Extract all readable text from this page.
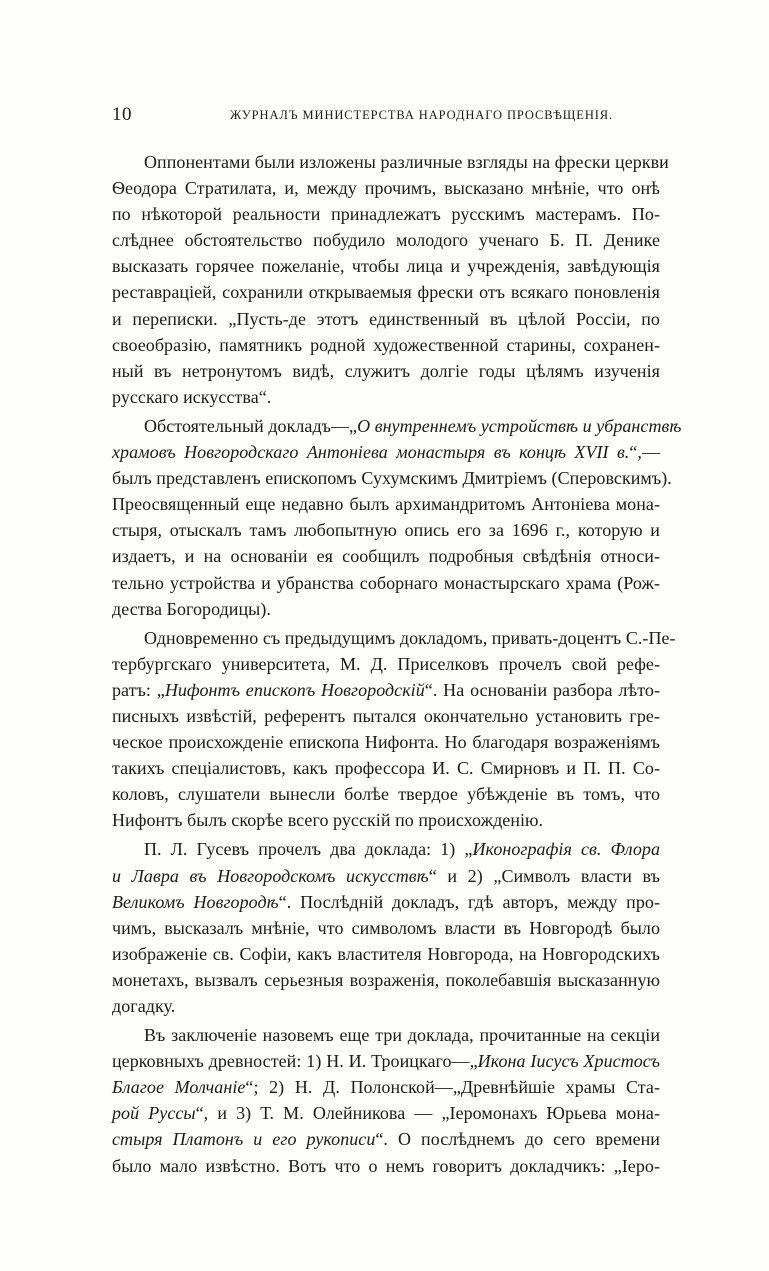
10	ЖУРНАЛЪ МИНИСТЕРСТВА НАРОДНАГО ПРОСВѢЩЕНІЯ.
Оппонентами были изложены различные взгляды на фрески церкви
Ѳеодора Стратилата, и, между прочимъ, высказано мнѣніе, что онѣ
по нѣкоторой реальности принадлежатъ русскимъ мастерамъ. По-
слѣднее обстоятельство побудило молодого ученаго Б. П. Денике
высказать горячее пожеланіе, чтобы лица и учрежденія, завѣдующія
реставраціей, сохранили открываемыя фрески отъ всякаго поновленія
и переписки. „Пусть-де этотъ единственный въ цѣлой Россіи, по
своеобразію, памятникъ родной художественной старины, сохранен-
ный въ нетронутомъ видѣ, служитъ долгіе годы цѣлямъ изученія
русскаго искусства“.
Обстоятельный докладъ—„О внутреннемъ устройствѣ и убранствѣ
храмовъ Новгородскаго Антоніева монастыря въ концѣ XVII в.“,—
былъ представленъ епископомъ Сухумскимъ Дмитріемъ (Сперовскимъ).
Преосвященный еще недавно былъ архимандритомъ Антоніева мона-
стыря, отыскалъ тамъ любопытную опись его за 1696 г., которую и
издаетъ, и на основаніи ея сообщилъ подробныя свѣдѣнія относи-
тельно устройства и убранства соборнаго монастырскаго храма (Рож-
дества Богородицы).
Одновременно съ предыдущимъ докладомъ, привать-доцентъ С.-Пе-
тербургскаго университета, М. Д. Приселковъ прочелъ свой рефе-
ратъ: „Нифонтъ епископъ Новгородскій“. На основаніи разбора лѣто-
писныхъ извѣстій, референтъ пытался окончательно установить гре-
ческое происхожденіе епископа Нифонта. Но благодаря возраженіямъ
такихъ спеціалистовъ, какъ профессора И. С. Смирновъ и П. П. Со-
коловъ, слушатели вынесли болѣе твердое убѣжденіе въ томъ, что
Нифонтъ былъ скорѣе всего русскій по происхожденію.
П. Л. Гусевъ прочелъ два доклада: 1) „Иконографія св. Флора
и Лавра въ Новгородскомъ искусствѣ“ и 2) „Символъ власти въ
Великомъ Новгородѣ“. Послѣдній докладъ, гдѣ авторъ, между про-
чимъ, высказалъ мнѣніе, что символомъ власти въ Новгородѣ было
изображеніе св. Софіи, какъ властителя Новгорода, на Новгородскихъ
монетахъ, вызвалъ серьезныя возраженія, поколебавшія высказанную
догадку.
Въ заключеніе назовемъ еще три доклада, прочитанные на секціи
церковныхъ древностей: 1) Н. И. Троицкаго—„Икона Іисусъ Христосъ
Благое Молчаніе“; 2) Н. Д. Полонской—„Древнѣйшіе храмы Ста-
рой Руссы“, и 3) Т. М. Олейникова — „Іеромонахъ Юрьева мона-
стыря Платонъ и его рукописи“. О послѣднемъ до сего времени
было мало извѣстно. Вотъ что о немъ говоритъ докладчикъ: „Іеро-
